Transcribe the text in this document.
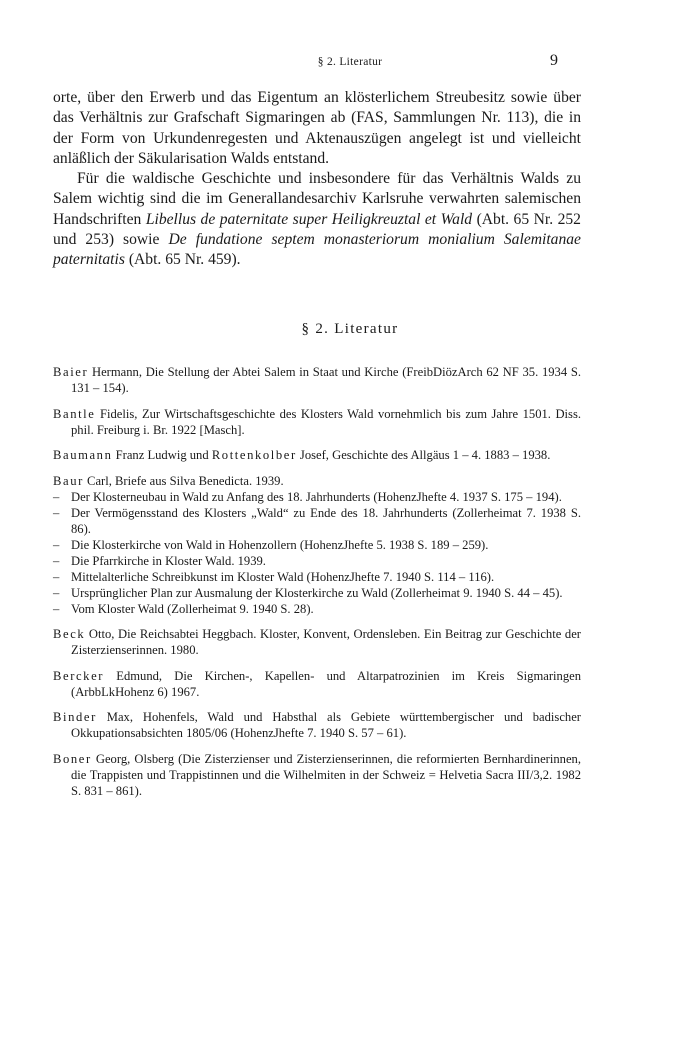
§ 2. Literatur	9

orte, über den Erwerb und das Eigentum an klösterlichem Streubesitz sowie über das Verhältnis zur Grafschaft Sigmaringen ab (FAS, Sammlungen Nr. 113), die in der Form von Urkundenregesten und Aktenauszügen angelegt ist und vielleicht anläßlich der Säkularisation Walds entstand.

Für die waldische Geschichte und insbesondere für das Verhältnis Walds zu Salem wichtig sind die im Generallandesarchiv Karlsruhe verwahrten salemischen Handschriften Libellus de paternitate super Heiligkreuztal et Wald (Abt. 65 Nr. 252 und 253) sowie De fundatione septem monasteriorum monialium Salemitanae paternitatis (Abt. 65 Nr. 459).

§ 2. Literatur
Baier Hermann, Die Stellung der Abtei Salem in Staat und Kirche (FreibDiözArch 62 NF 35. 1934 S. 131 – 154).
Bantle Fidelis, Zur Wirtschaftsgeschichte des Klosters Wald vornehmlich bis zum Jahre 1501. Diss. phil. Freiburg i. Br. 1922 [Masch].
Baumann Franz Ludwig und Rottenkolber Josef, Geschichte des Allgäus 1 – 4. 1883 – 1938.
Baur Carl, Briefe aus Silva Benedicta. 1939.
– Der Klosterneubau in Wald zu Anfang des 18. Jahrhunderts (HohenzJhefte 4. 1937 S. 175 – 194).
– Der Vermögensstand des Klosters „Wald“ zu Ende des 18. Jahrhunderts (Zollerheimat 7. 1938 S. 86).
– Die Klosterkirche von Wald in Hohenzollern (HohenzJhefte 5. 1938 S. 189 – 259).
– Die Pfarrkirche in Kloster Wald. 1939.
– Mittelalterliche Schreibkunst im Kloster Wald (HohenzJhefte 7. 1940 S. 114 – 116).
– Ursprünglicher Plan zur Ausmalung der Klosterkirche zu Wald (Zollerheimat 9. 1940 S. 44 – 45).
– Vom Kloster Wald (Zollerheimat 9. 1940 S. 28).
Beck Otto, Die Reichsabtei Heggbach. Kloster, Konvent, Ordensleben. Ein Beitrag zur Geschichte der Zisterzienserinnen. 1980.
Bercker Edmund, Die Kirchen-, Kapellen- und Altarpatrozinien im Kreis Sigmaringen (ArbbLkHohenz 6) 1967.
Binder Max, Hohenfels, Wald und Habsthal als Gebiete württembergischer und badischer Okkupationsabsichten 1805/06 (HohenzJhefte 7. 1940 S. 57 – 61).
Boner Georg, Olsberg (Die Zisterzienser und Zisterzienserinnen, die reformierten Bernhardinerinnen, die Trappisten und Trappistinnen und die Wilhelmiten in der Schweiz = Helvetia Sacra III/3,2. 1982 S. 831 – 861).
